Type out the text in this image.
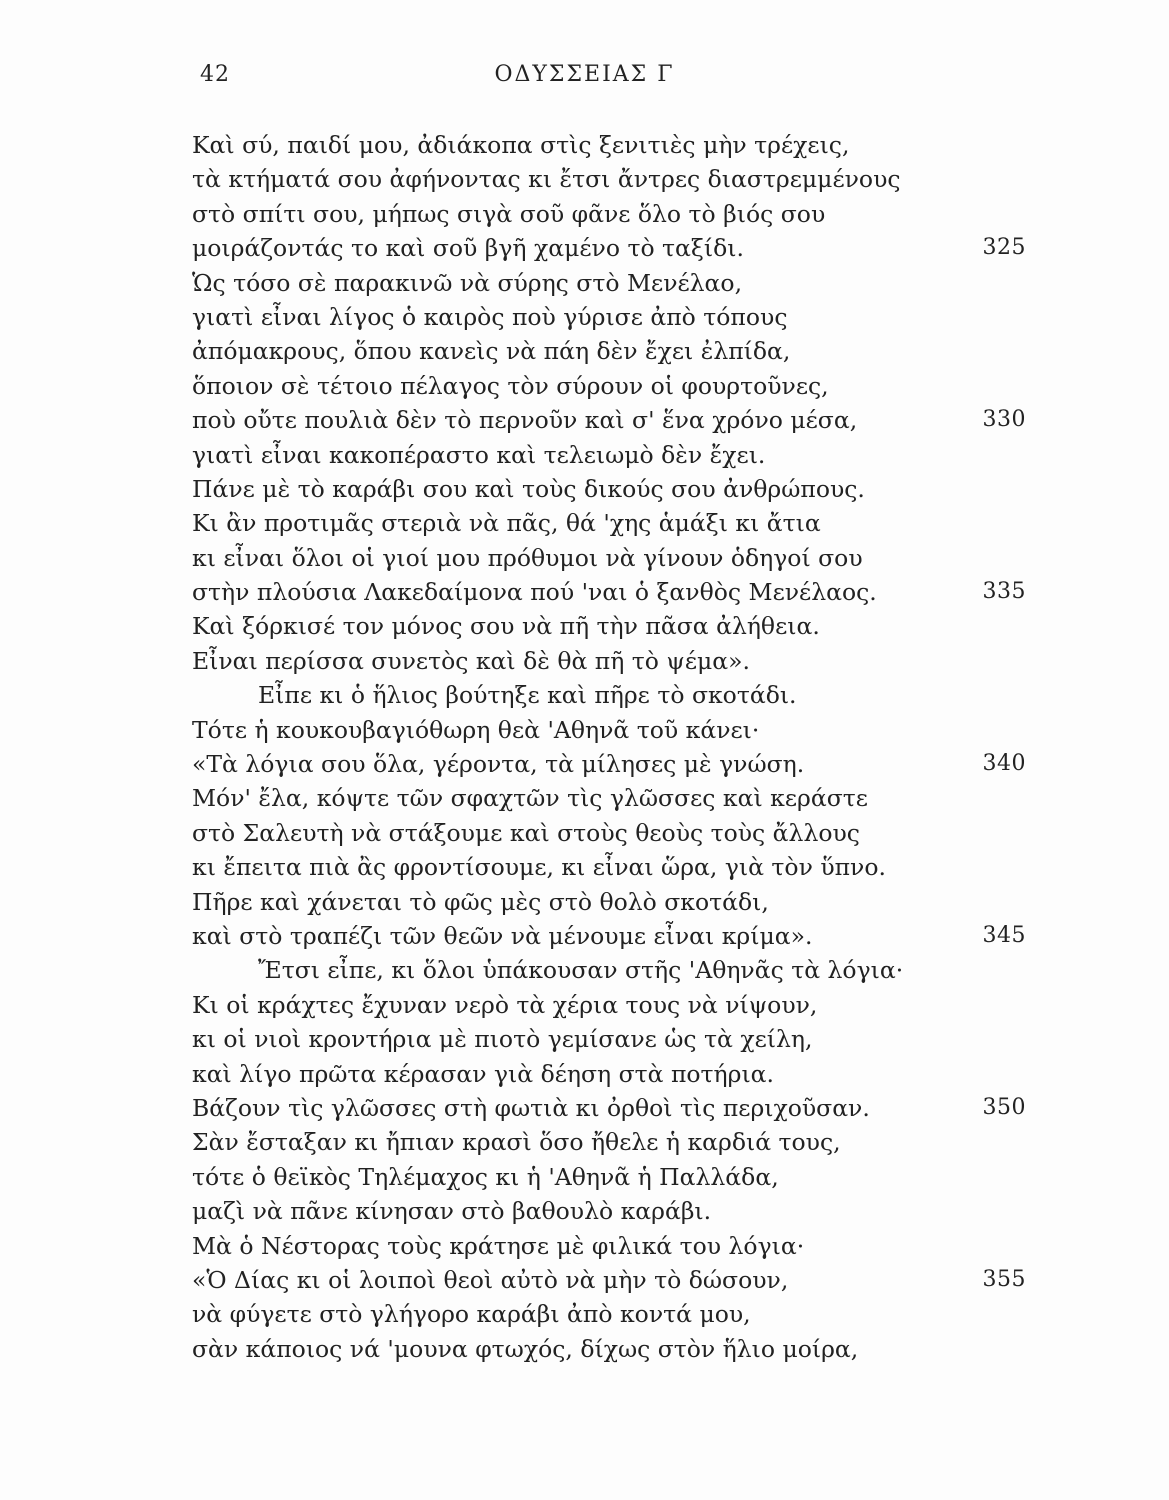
42	ΟΔΥΣΣΕΙΑΣ Γ
Καὶ σύ, παιδί μου, ἀδιάκοπα στὶς ξενιτιὲς μὴν τρέχεις,
τὰ κτήματά σου ἀφήνοντας κι ἔτσι ἄντρες διαστρεμμένους
στὸ σπίτι σου, μήπως σιγὰ σοῦ φᾶνε ὅλο τὸ βιός σου
μοιράζοντάς το καὶ σοῦ βγῆ χαμένο τὸ ταξίδι.	325
Ὡς τόσο σὲ παρακινῶ νὰ σύρης στὸ Μενέλαο,
γιατὶ εἶναι λίγος ὁ καιρὸς ποὺ γύρισε ἀπὸ τόπους
ἀπόμακρους, ὅπου κανεὶς νὰ πάη δὲν ἔχει ἐλπίδα,
ὅποιον σὲ τέτοιο πέλαγος τὸν σύρουν οἱ φουρτοῦνες,
ποὺ οὔτε πουλιὰ δὲν τὸ περνοῦν καὶ σ' ἕνα χρόνο μέσα,	330
γιατὶ εἶναι κακοπέραστο καὶ τελειωμὸ δὲν ἔχει.
Πάνε μὲ τὸ καράβι σου καὶ τοὺς δικούς σου ἀνθρώπους.
Κι ἂν προτιμᾶς στεριὰ νὰ πᾶς, θά 'χης ἁμάξι κι ἄτια
κι εἶναι ὅλοι οἱ γιοί μου πρόθυμοι νὰ γίνουν ὁδηγοί σου
στὴν πλούσια Λακεδαίμονα πού 'ναι ὁ ξανθὸς Μενέλαος.	335
Καὶ ξόρκισέ τον μόνος σου νὰ πῆ τὴν πᾶσα ἀλήθεια.
Εἶναι περίσσα συνετὸς καὶ δὲ θὰ πῆ τὸ ψέμα».
Εἶπε κι ὁ ἥλιος βούτηξε καὶ πῆρε τὸ σκοτάδι.
Τότε ἡ κουκουβαγιόθωρη θεὰ 'Αθηνᾶ τοῦ κάνει·
«Τὰ λόγια σου ὅλα, γέροντα, τὰ μίλησες μὲ γνώση.	340
Μόν' ἔλα, κόψτε τῶν σφαχτῶν τὶς γλῶσσες καὶ κεράστε
στὸ Σαλευτὴ νὰ στάξουμε καὶ στοὺς θεοὺς τοὺς ἄλλους
κι ἔπειτα πιὰ ἂς φροντίσουμε, κι εἶναι ὥρα, γιὰ τὸν ὕπνο.
Πῆρε καὶ χάνεται τὸ φῶς μὲς στὸ θολὸ σκοτάδι,
καὶ στὸ τραπέζι τῶν θεῶν νὰ μένουμε εἶναι κρίμα».	345
Ἔτσι εἶπε, κι ὅλοι ὑπάκουσαν στῆς 'Αθηνᾶς τὰ λόγια·
Κι οἱ κράχτες ἔχυναν νερὸ τὰ χέρια τους νὰ νίψουν,
κι οἱ νιοὶ κροντήρια μὲ πιοτὸ γεμίσανε ὡς τὰ χείλη,
καὶ λίγο πρῶτα κέρασαν γιὰ δέηση στὰ ποτήρια.
Βάζουν τὶς γλῶσσες στὴ φωτιὰ κι ὀρθοὶ τὶς περιχοῦσαν.	350
Σὰν ἔσταξαν κι ἤπιαν κρασὶ ὅσο ἤθελε ἡ καρδιά τους,
τότε ὁ θεϊκὸς Τηλέμαχος κι ἡ 'Αθηνᾶ ἡ Παλλάδα,
μαζὶ νὰ πᾶνε κίνησαν στὸ βαθουλὸ καράβι.
Μὰ ὁ Νέστορας τοὺς κράτησε μὲ φιλικά του λόγια·
«Ὁ Δίας κι οἱ λοιποὶ θεοὶ αὐτὸ νὰ μὴν τὸ δώσουν,	355
νὰ φύγετε στὸ γλήγορο καράβι ἀπὸ κοντά μου,
σὰν κάποιος νά 'μουνα φτωχός, δίχως στὸν ἥλιο μοίρα,
